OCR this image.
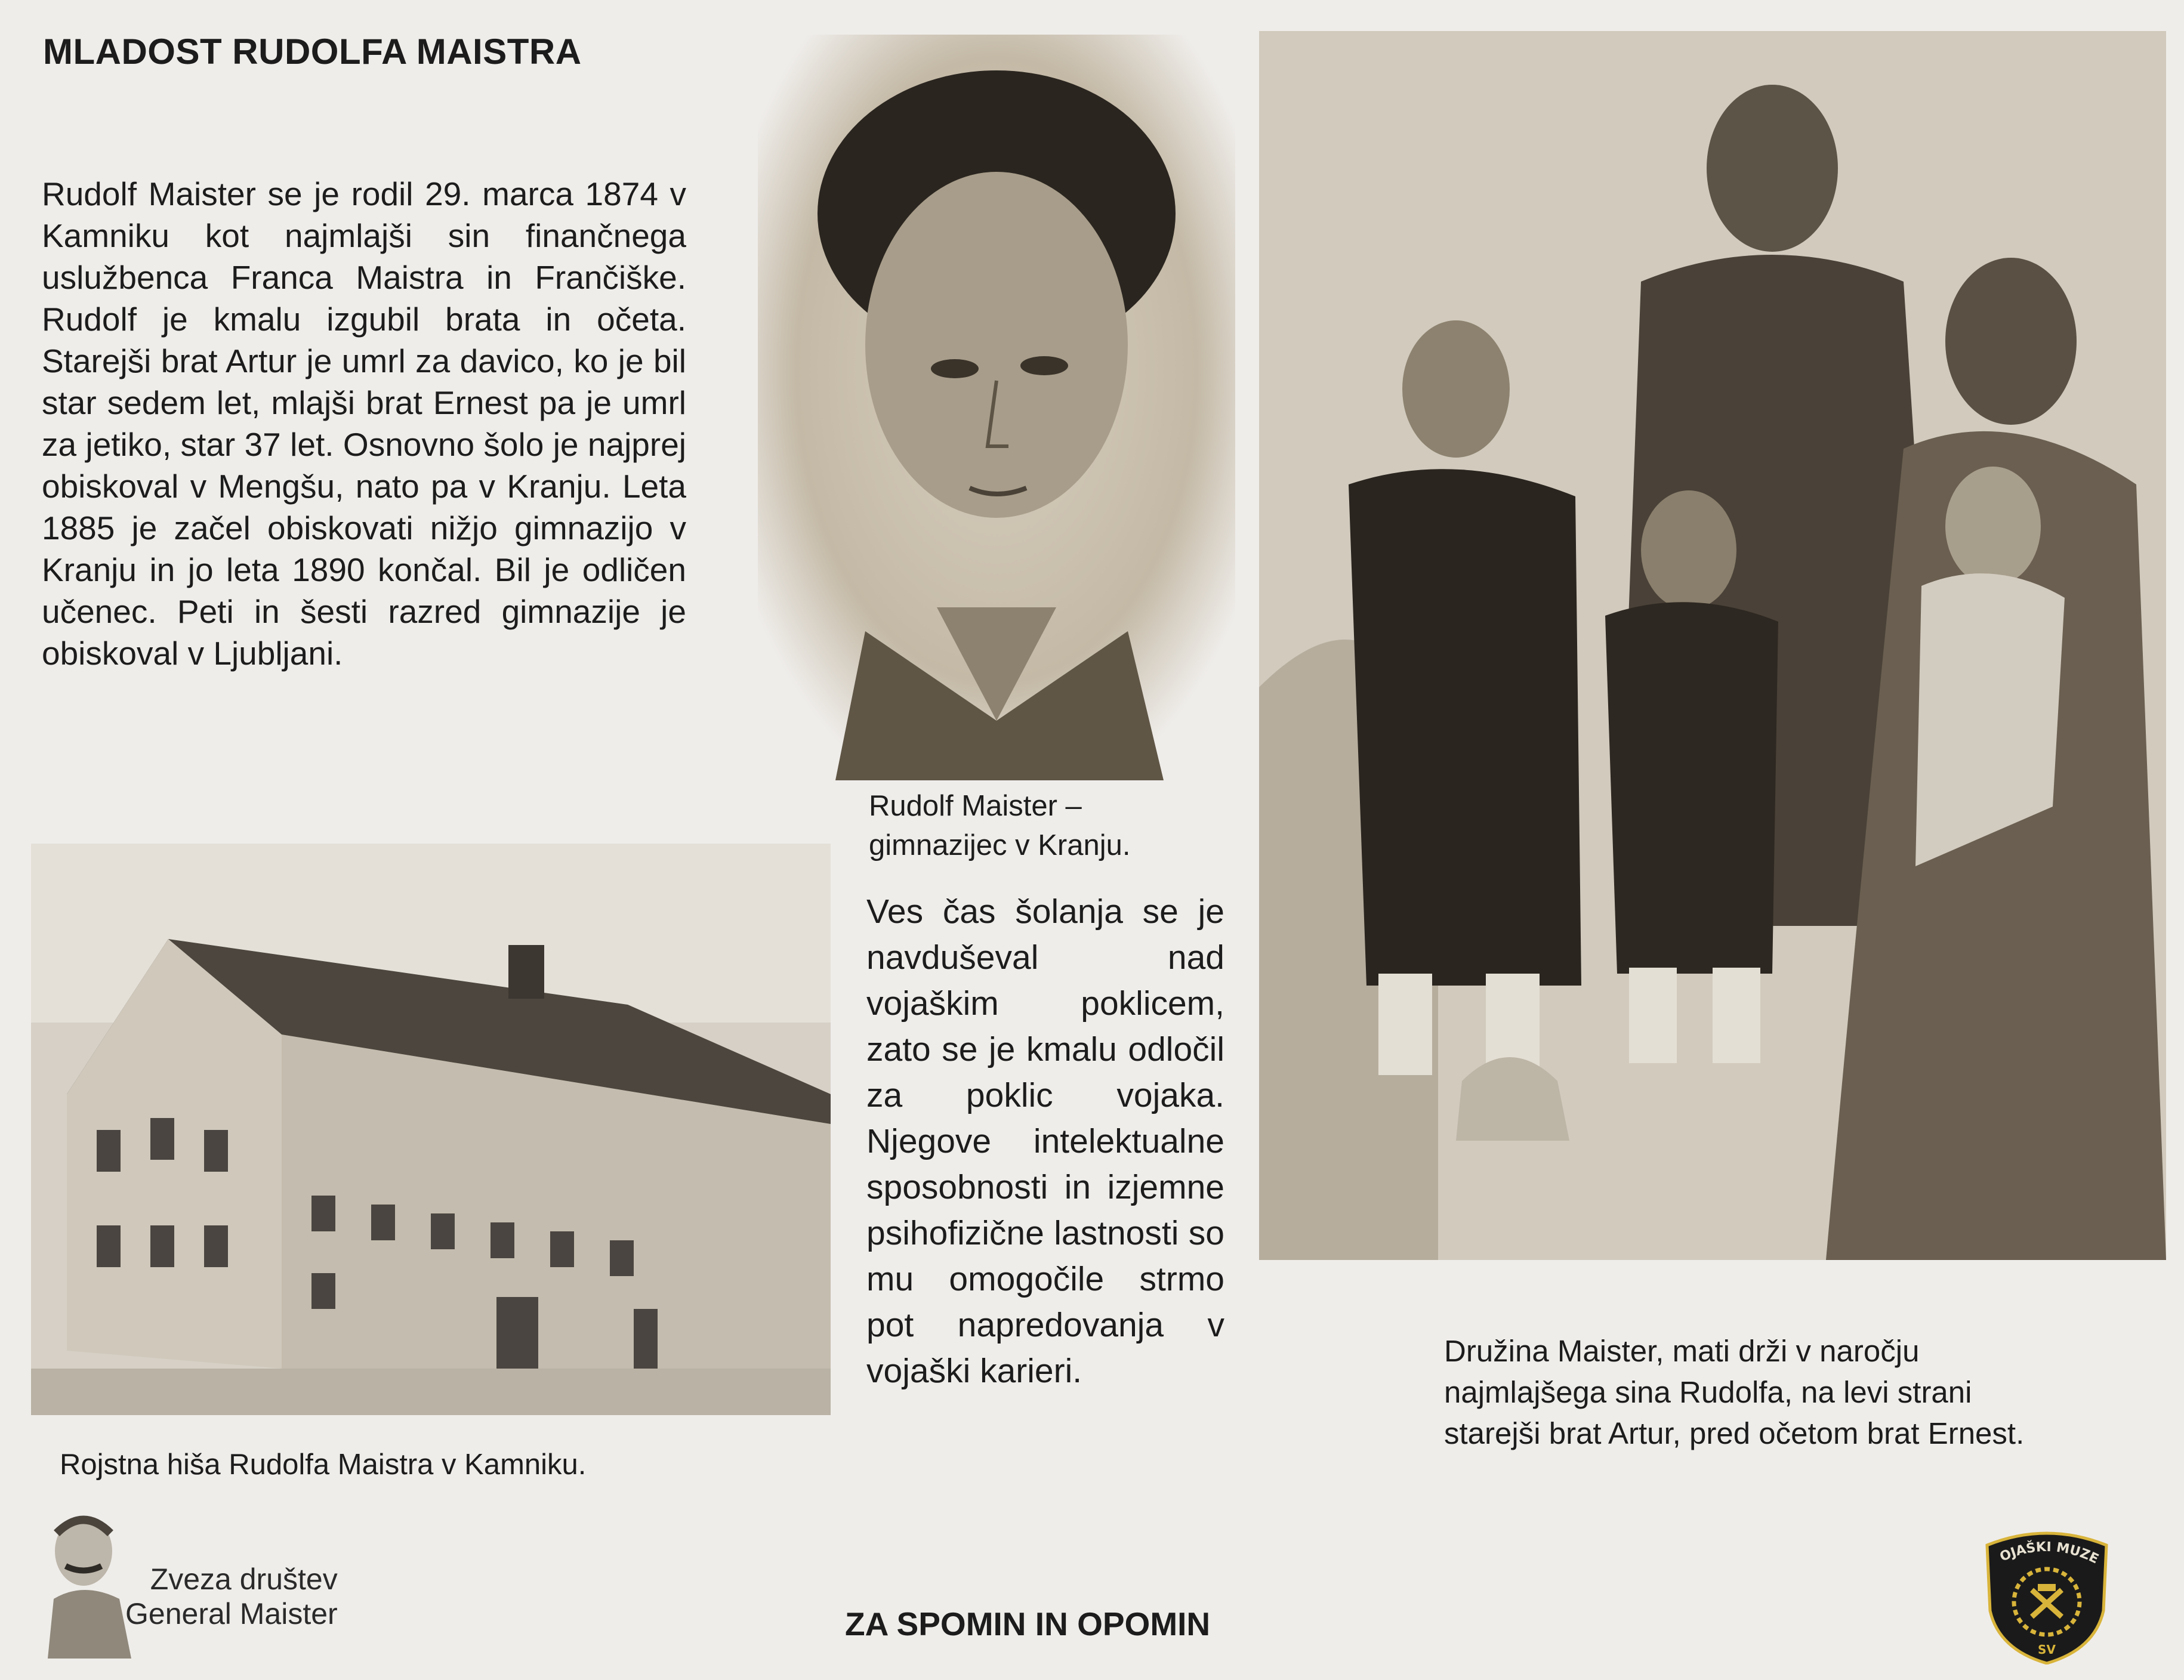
MLADOST RUDOLFA MAISTRA

Rudolf Maister se je rodil 29. marca 1874 v Kamniku kot najmlajši sin finančnega uslužbenca Franca Maistra in Frančiške. Rudolf je kmalu izgubil brata in očeta. Starejši brat Artur je umrl za davico, ko je bil star sedem let, mlajši brat Ernest pa je umrl za jetiko, star 37 let. Osnovno šolo je najprej obiskoval v Mengšu, nato pa v Kranju. Leta 1885 je začel obiskovati nižjo gimnazijo v Kranju in jo leta 1890 končal. Bil je odličen učenec. Peti in šesti razred gimnazije je obiskoval v Ljubljani.

Rudolf Maister –
gimnazijec v Kranju.
Ves čas šolanja se je navduševal nad vojaškim poklicem, zato se je kmalu odločil za poklic vojaka. Njegove intelektualne sposobnosti in izjemne psihofizične lastnosti so mu omogočile strmo pot napredovanja v vojaški karieri.
Rojstna hiša Rudolfa Maistra v Kamniku.
Družina Maister, mati drži v naročju najmlajšega sina Rudolfa, na levi strani starejši brat Artur, pred očetom brat Ernest.
Zveza društev
General Maister	ZA SPOMIN IN OPOMIN
OJAŠKI MUZE
SV
